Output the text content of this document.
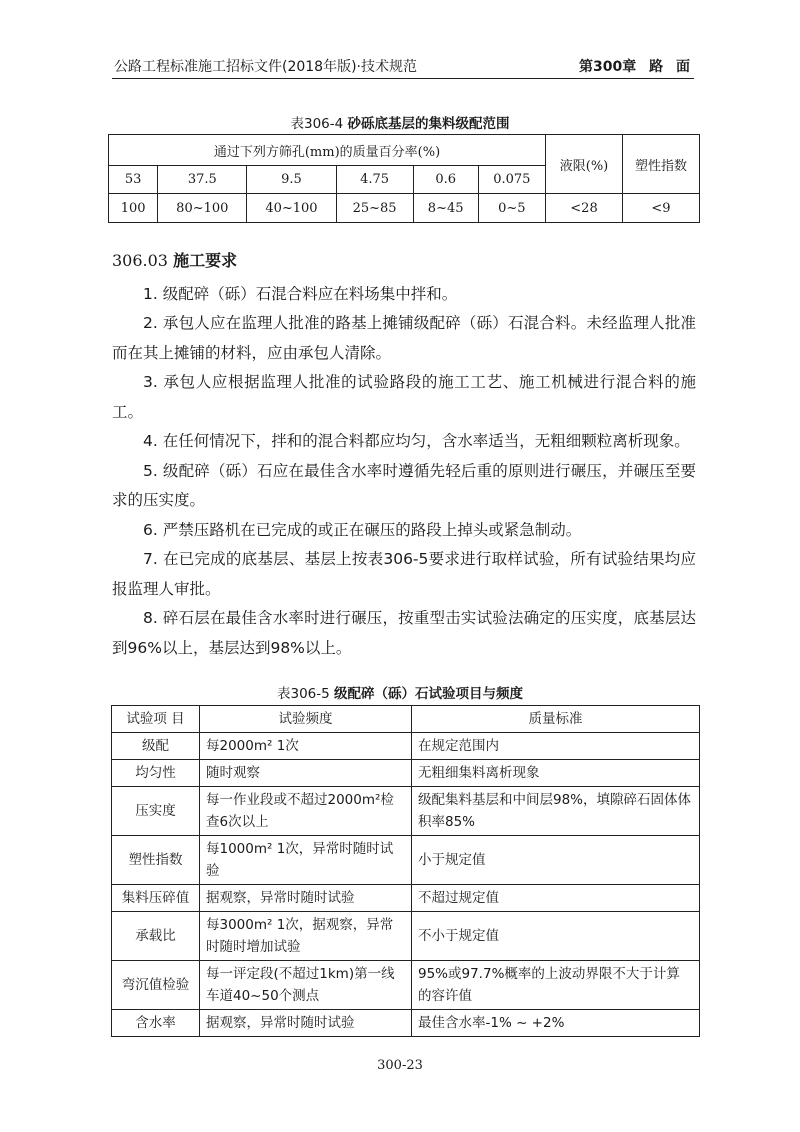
公路工程标准施工招标文件(2018年版)·技术规范	第300章 路 面
表306-4 砂砾底基层的集料级配范围
通过下列方筛孔(mm)的质量百分率(%)						液限(%)	塑性指数
53	37.5	9.5	4.75	0.6	0.075		
100	80~100	40~100	25~85	8~45	0~5	<28	<9
306.03 施工要求

1. 级配碎（砾）石混合料应在料场集中拌和。

2. 承包人应在监理人批准的路基上摊铺级配碎（砾）石混合料。未经监理人批准而在其上摊铺的材料，应由承包人清除。

3. 承包人应根据监理人批准的试验路段的施工工艺、施工机械进行混合料的施工。

4. 在任何情况下，拌和的混合料都应均匀，含水率适当，无粗细颗粒离析现象。

5. 级配碎（砾）石应在最佳含水率时遵循先轻后重的原则进行碾压，并碾压至要求的压实度。

6. 严禁压路机在已完成的或正在碾压的路段上掉头或紧急制动。

7. 在已完成的底基层、基层上按表306-5要求进行取样试验，所有试验结果均应报监理人审批。

8. 碎石层在最佳含水率时进行碾压，按重型击实试验法确定的压实度，底基层达到96%以上，基层达到98%以上。

表306-5 级配碎（砾）石试验项目与频度
试验项 目	试验频度	质量标准
级配	每2000m² 1次	在规定范围内
均匀性	随时观察	无粗细集料离析现象
压实度	每一作业段或不超过2000m²检查6次以上	级配集料基层和中间层98%，填隙碎石固体体积率85%
塑性指数	每1000m² 1次，异常时随时试验	小于规定值
集料压碎值	据观察，异常时随时试验	不超过规定值
承载比	每3000m² 1次，据观察，异常时随时增加试验	不小于规定值
弯沉值检验	每一评定段(不超过1km)第一线车道40~50个测点	95%或97.7%概率的上波动界限不大于计算的容许值
含水率	据观察，异常时随时试验	最佳含水率-1% ~ +2%
300-23
